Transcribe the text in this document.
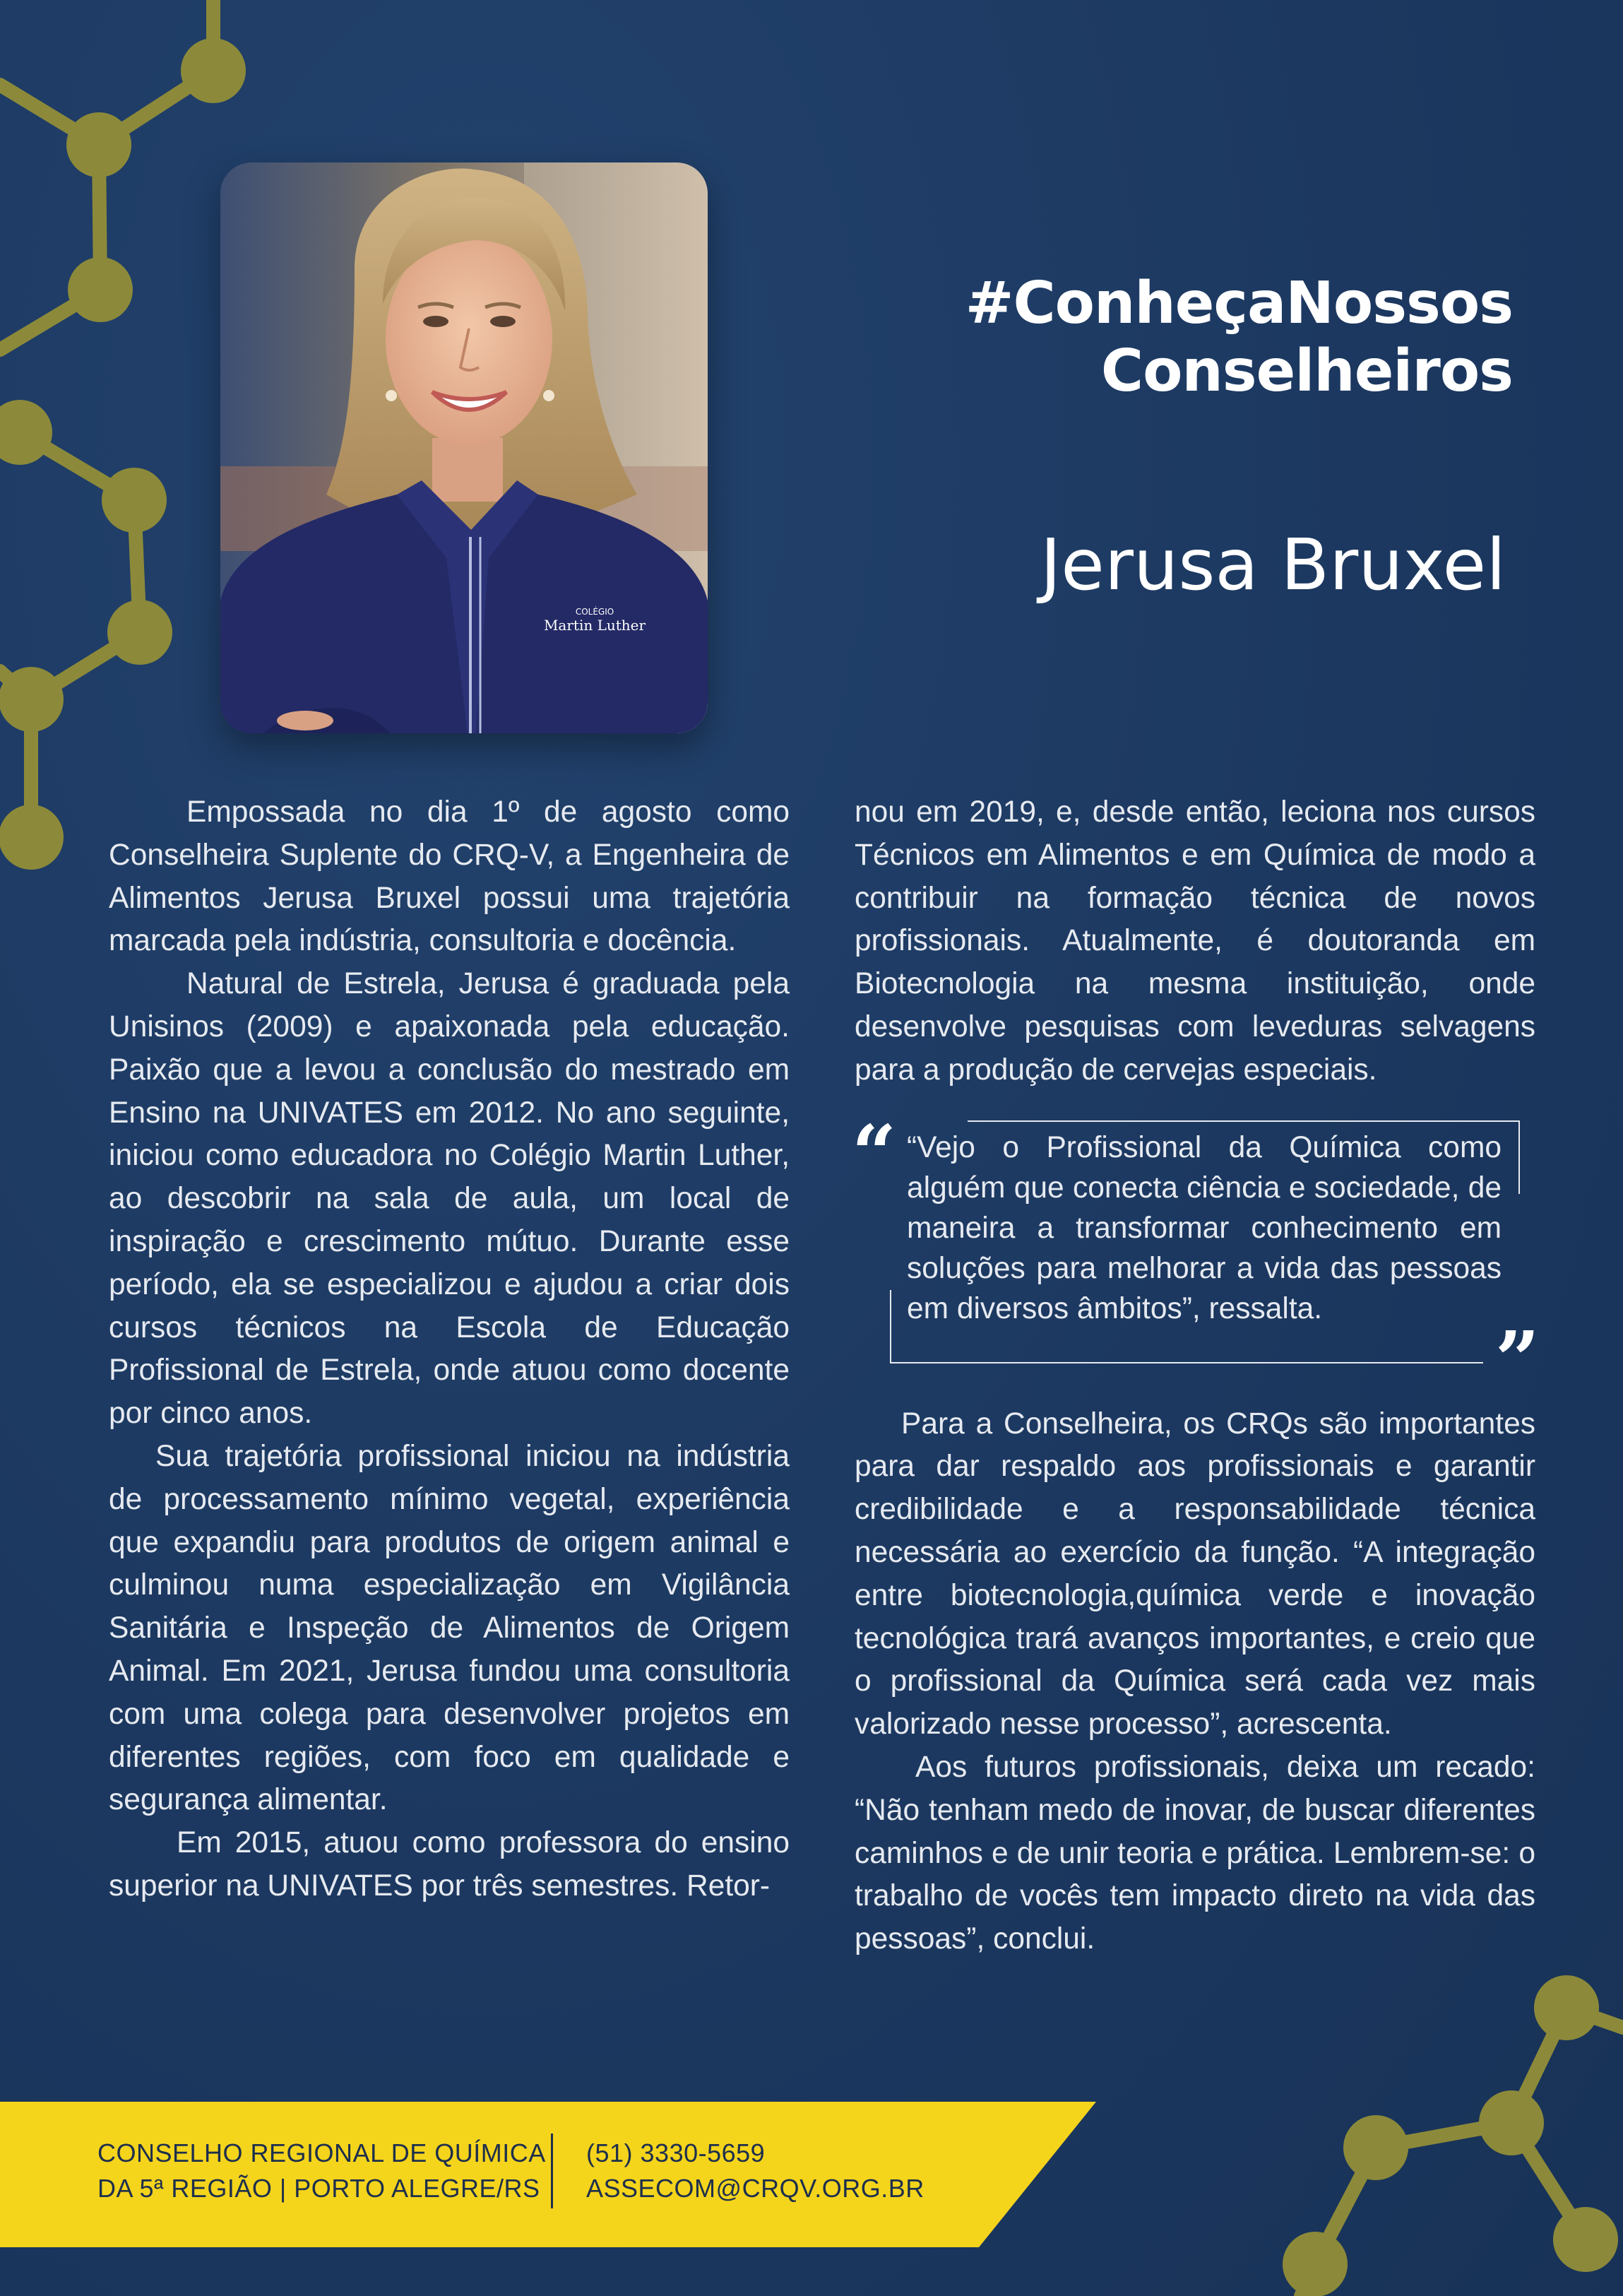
COLÉGIO
Martin Luther
#ConheçaNossos
Conselheiros
Jerusa Bruxel

Empossada no dia 1º de agosto como Conselheira Suplente do CRQ-V, a Engenheira de Alimentos Jerusa Bruxel possui uma trajetória marcada pela indústria, consultoria e docência.

Natural de Estrela, Jerusa é graduada pela Unisinos (2009) e apaixonada pela educação. Paixão que a levou a conclusão do mestrado em Ensino na UNIVATES em 2012. No ano seguinte, iniciou como educadora no Colégio Martin Luther, ao descobrir na sala de aula, um local de inspiração e crescimento mútuo. Durante esse período, ela se especializou e ajudou a criar dois cursos técnicos na Escola de Educação Profissional de Estrela, onde atuou como docente por cinco anos.

Sua trajetória profissional iniciou na indústria de processamento mínimo vegetal, experiência que expandiu para produtos de origem animal e culminou numa especialização em Vigilância Sanitária e Inspeção de Alimentos de Origem Animal. Em 2021, Jerusa fundou uma consultoria com uma colega para desenvolver projetos em diferentes regiões, com foco em qualidade e segurança alimentar.

Em 2015, atuou como professora do ensino superior na UNIVATES por três semestres. Retor-

nou em 2019, e, desde então, leciona nos cursos Técnicos em Alimentos e em Química de modo a contribuir na formação técnica de novos profissionais. Atualmente, é doutoranda em Biotecnologia na mesma instituição, onde desenvolve pesquisas com leveduras selvagens para a produção de cervejas especiais.

“ “Vejo o Profissional da Química como alguém que conecta ciência e sociedade, de maneira a transformar conhecimento em soluções para melhorar a vida das pessoas em diversos âmbitos”, ressalta.
”

Para a Conselheira, os CRQs são importantes para dar respaldo aos profissionais e garantir credibilidade e a responsabilidade técnica necessária ao exercício da função. “A integração entre biotecnologia,química verde e inovação tecnológica trará avanços importantes, e creio que o profissional da Química será cada vez mais valorizado nesse processo”, acrescenta.

Aos futuros profissionais, deixa um recado: “Não tenham medo de inovar, de buscar diferentes caminhos e de unir teoria e prática. Lembrem-se: o trabalho de vocês tem impacto direto na vida das pessoas”, conclui.

CONSELHO REGIONAL DE QUÍMICA
DA 5ª REGIÃO | PORTO ALEGRE/RS
(51) 3330-5659
ASSECOM@CRQV.ORG.BR
